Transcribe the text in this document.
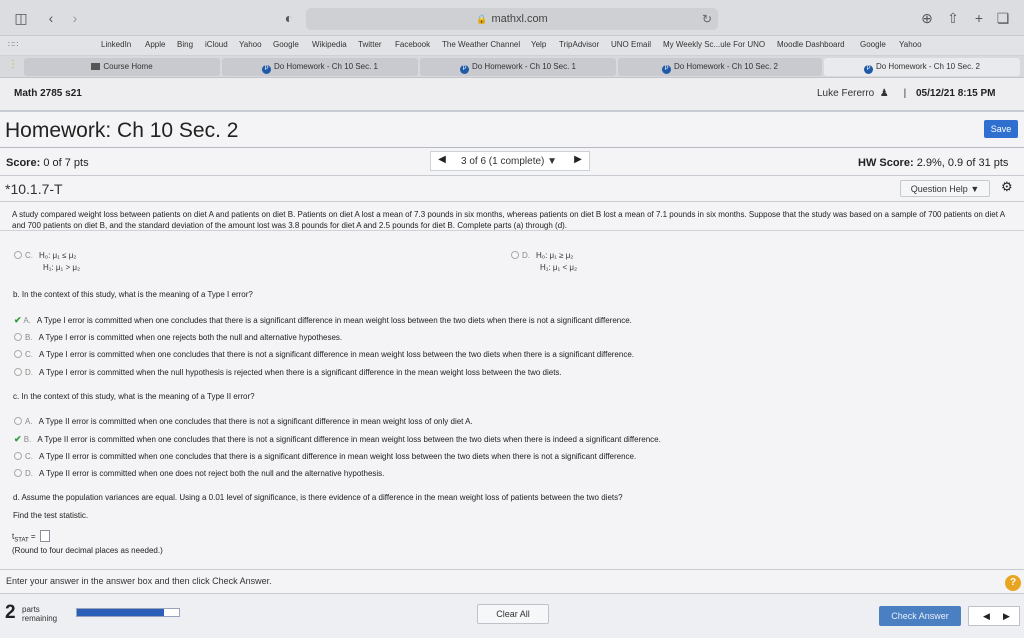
◫	‹	›	◐	🔒 mathxl.com	↻	⊕ ⇧	+ ❏
∷∷	LinkedIn Apple Bing iCloud Yahoo Google Wikipedia Twitter Facebook The Weather Channel Yelp TripAdvisor UNO Email My Weekly Sc...ule For UNO Moodle Dashboard Google Yahoo
⋮	Course Home	P Do Homework - Ch 10 Sec. 1	P Do Homework - Ch 10 Sec. 1	P Do Homework - Ch 10 Sec. 2	P Do Homework - Ch 10 Sec. 2
Math 2785 s21	Luke Fererro  ♟ | 05/12/21 8:15 PM
Homework: Ch 10 Sec. 2	Save
Score: 0 of 7 pts	◀	3 of 6 (1 complete) ▼	▶	HW Score: 2.9%, 0.9 of 31 pts
*10.1.7-T	Question Help ▼	⚙
A study compared weight loss between patients on diet A and patients on diet B. Patients on diet A lost a mean of 7.3 pounds in six months, whereas patients on diet B lost a mean of 7.1 pounds in six months. Suppose that the study was based on a sample of 700 patients on diet A and 700 patients on diet B, and the standard deviation of the amount lost was 3.8 pounds for diet A and 2.5 pounds for diet B. Complete parts (a) through (d).
C. H₀: μ₁ ≤ μ₂
H₁: μ₁ > μ₂
D. H₀: μ₁ ≥ μ₂
H₁: μ₁ < μ₂
b. In the context of this study, what is the meaning of a Type I error?
✔ A. A Type I error is committed when one concludes that there is a significant difference in mean weight loss between the two diets when there is not a significant difference.
B. A Type I error is committed when one rejects both the null and alternative hypotheses.
C. A Type I error is committed when one concludes that there is not a significant difference in mean weight loss between the two diets when there is a significant difference.
D. A Type I error is committed when the null hypothesis is rejected when there is a significant difference in the mean weight loss between the two diets.
c. In the context of this study, what is the meaning of a Type II error?
A. A Type II error is committed when one concludes that there is not a significant difference in mean weight loss of only diet A.
✔ B. A Type II error is committed when one concludes that there is not a significant difference in mean weight loss between the two diets when there is indeed a significant difference.
C. A Type II error is committed when one concludes that there is a significant difference in mean weight loss between the two diets when there is not a significant difference.
D. A Type II error is committed when one does not reject both the null and the alternative hypothesis.
d. Assume the population variances are equal. Using a 0.01 level of significance, is there evidence of a difference in the mean weight loss of patients between the two diets?
Find the test statistic.
$t_{STAT}$ =
(Round to four decimal places as needed.)
Enter your answer in the answer box and then click Check Answer.	?
2 parts
remaining	Clear All	Check Answer	◀ ▶
